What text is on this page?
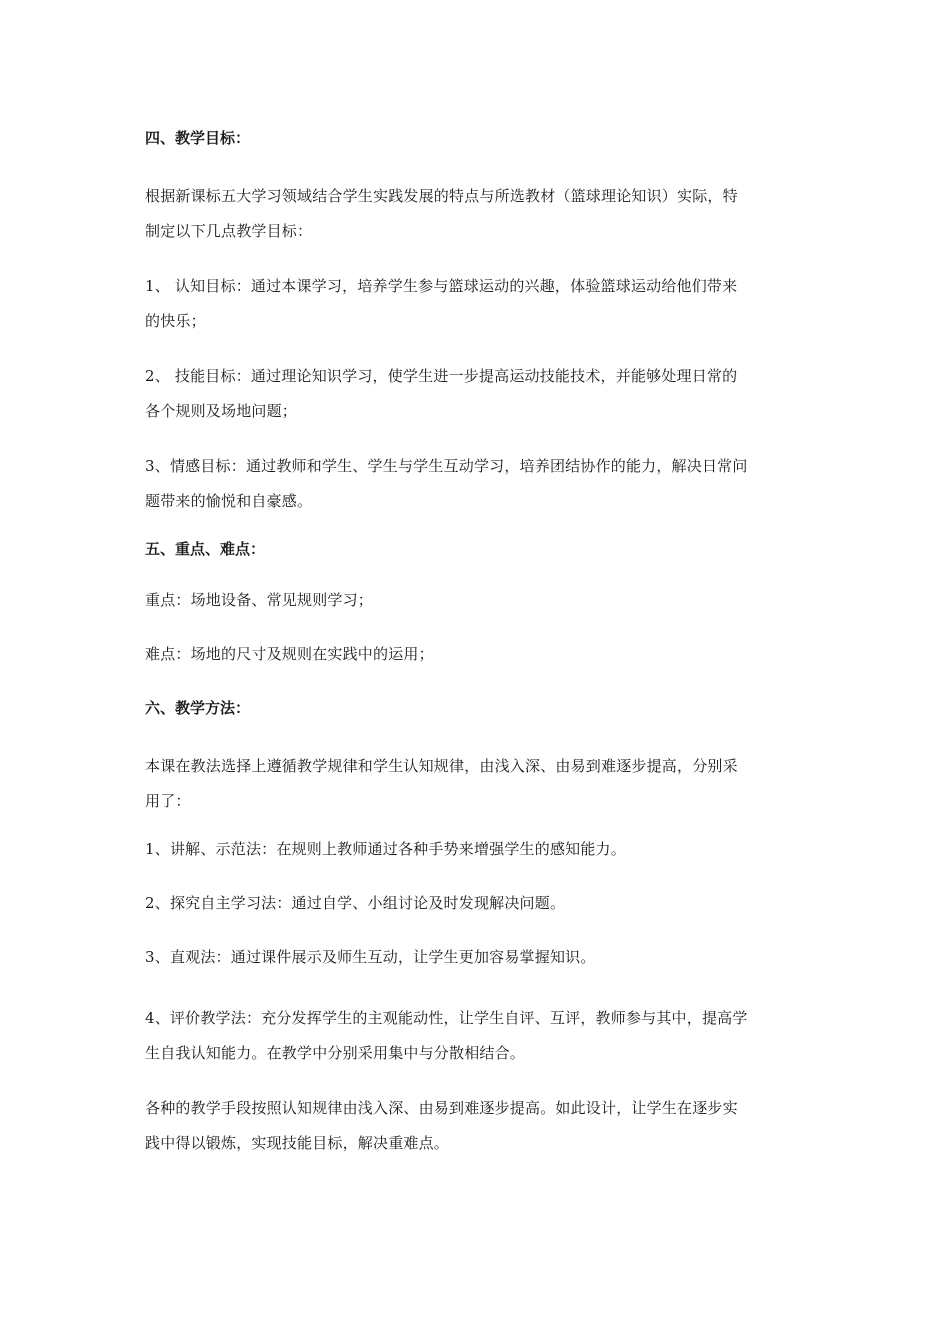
四、教学目标：
根据新课标五大学习领域结合学生实践发展的特点与所选教材（篮球理论知识）实际，特
制定以下几点教学目标：
1、 认知目标：通过本课学习，培养学生参与篮球运动的兴趣，体验篮球运动给他们带来
的快乐；
2、 技能目标：通过理论知识学习，使学生进一步提高运动技能技术，并能够处理日常的
各个规则及场地问题；
3、情感目标：通过教师和学生、学生与学生互动学习，培养团结协作的能力，解决日常问
题带来的愉悦和自豪感。
五、重点、难点：
重点：场地设备、常见规则学习；
难点：场地的尺寸及规则在实践中的运用；
六、教学方法：
本课在教法选择上遵循教学规律和学生认知规律，由浅入深、由易到难逐步提高，分别采
用了：
1、讲解、示范法：在规则上教师通过各种手势来增强学生的感知能力。
2、探究自主学习法：通过自学、小组讨论及时发现解决问题。
3、直观法：通过课件展示及师生互动，让学生更加容易掌握知识。
4、评价教学法：充分发挥学生的主观能动性，让学生自评、互评，教师参与其中，提高学
生自我认知能力。在教学中分别采用集中与分散相结合。
各种的教学手段按照认知规律由浅入深、由易到难逐步提高。如此设计，让学生在逐步实
践中得以锻炼，实现技能目标，解决重难点。
